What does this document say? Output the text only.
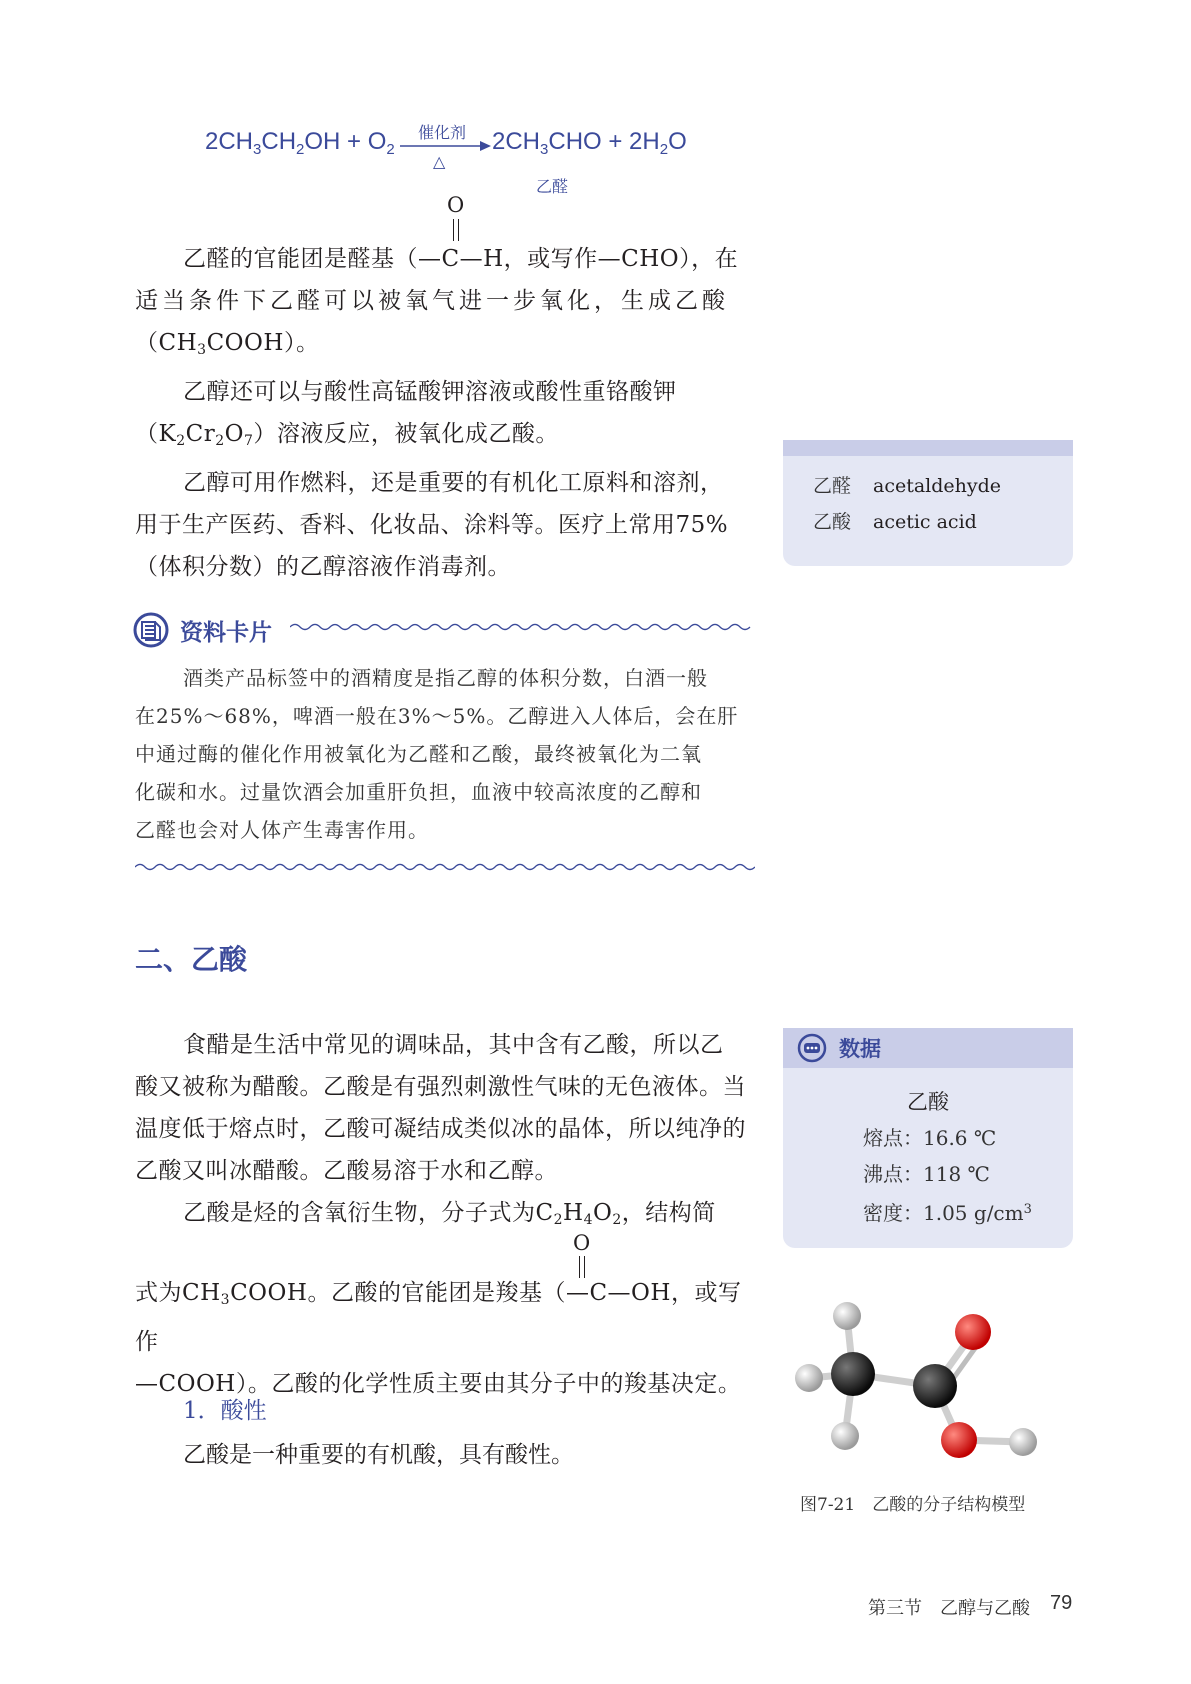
$2CH_3CH_2OH + O_2$
催化剂
△
$2CH_3CHO + 2H_2O$
乙醛
O

乙醛的官能团是醛基（—C—H，或写作—CHO），在

适当条件下乙醛可以被氧气进一步氧化，生成乙酸

$(CH_3COOH)$。

乙醇还可以与酸性高锰酸钾溶液或酸性重铬酸钾

$(K_2Cr_2O_7)$溶液反应，被氧化成乙酸。

乙醇可用作燃料，还是重要的有机化工原料和溶剂，

用于生产医药、香料、化妆品、涂料等。医疗上常用75%

（体积分数）的乙醇溶液作消毒剂。

乙醛 acetaldehyde
乙酸 acetic acid
资料卡片

酒类产品标签中的酒精度是指乙醇的体积分数，白酒一般

在25%～68%，啤酒一般在3%～5%。乙醇进入人体后，会在肝

中通过酶的催化作用被氧化为乙醛和乙酸，最终被氧化为二氧

化碳和水。过量饮酒会加重肝负担，血液中较高浓度的乙醇和

乙醛也会对人体产生毒害作用。

二、乙酸

食醋是生活中常见的调味品，其中含有乙酸，所以乙

酸又被称为醋酸。乙酸是有强烈刺激性气味的无色液体。当

温度低于熔点时，乙酸可凝结成类似冰的晶体，所以纯净的

乙酸又叫冰醋酸。乙酸易溶于水和乙醇。

乙酸是烃的含氧衍生物，分子式为$C_2H_4O_2$，结构简

O

式为$CH_3COOH$。乙酸的官能团是羧基（—C—OH，或写作

—COOH）。乙酸的化学性质主要由其分子中的羧基决定。

1．酸性
乙酸是一种重要的有机酸，具有酸性。
数据
乙酸
熔点：16.6 ℃
沸点：118 ℃
密度：1.05 $g/cm^3$
图7-21　乙酸的分子结构模型
第三节　乙醇与乙酸 79
